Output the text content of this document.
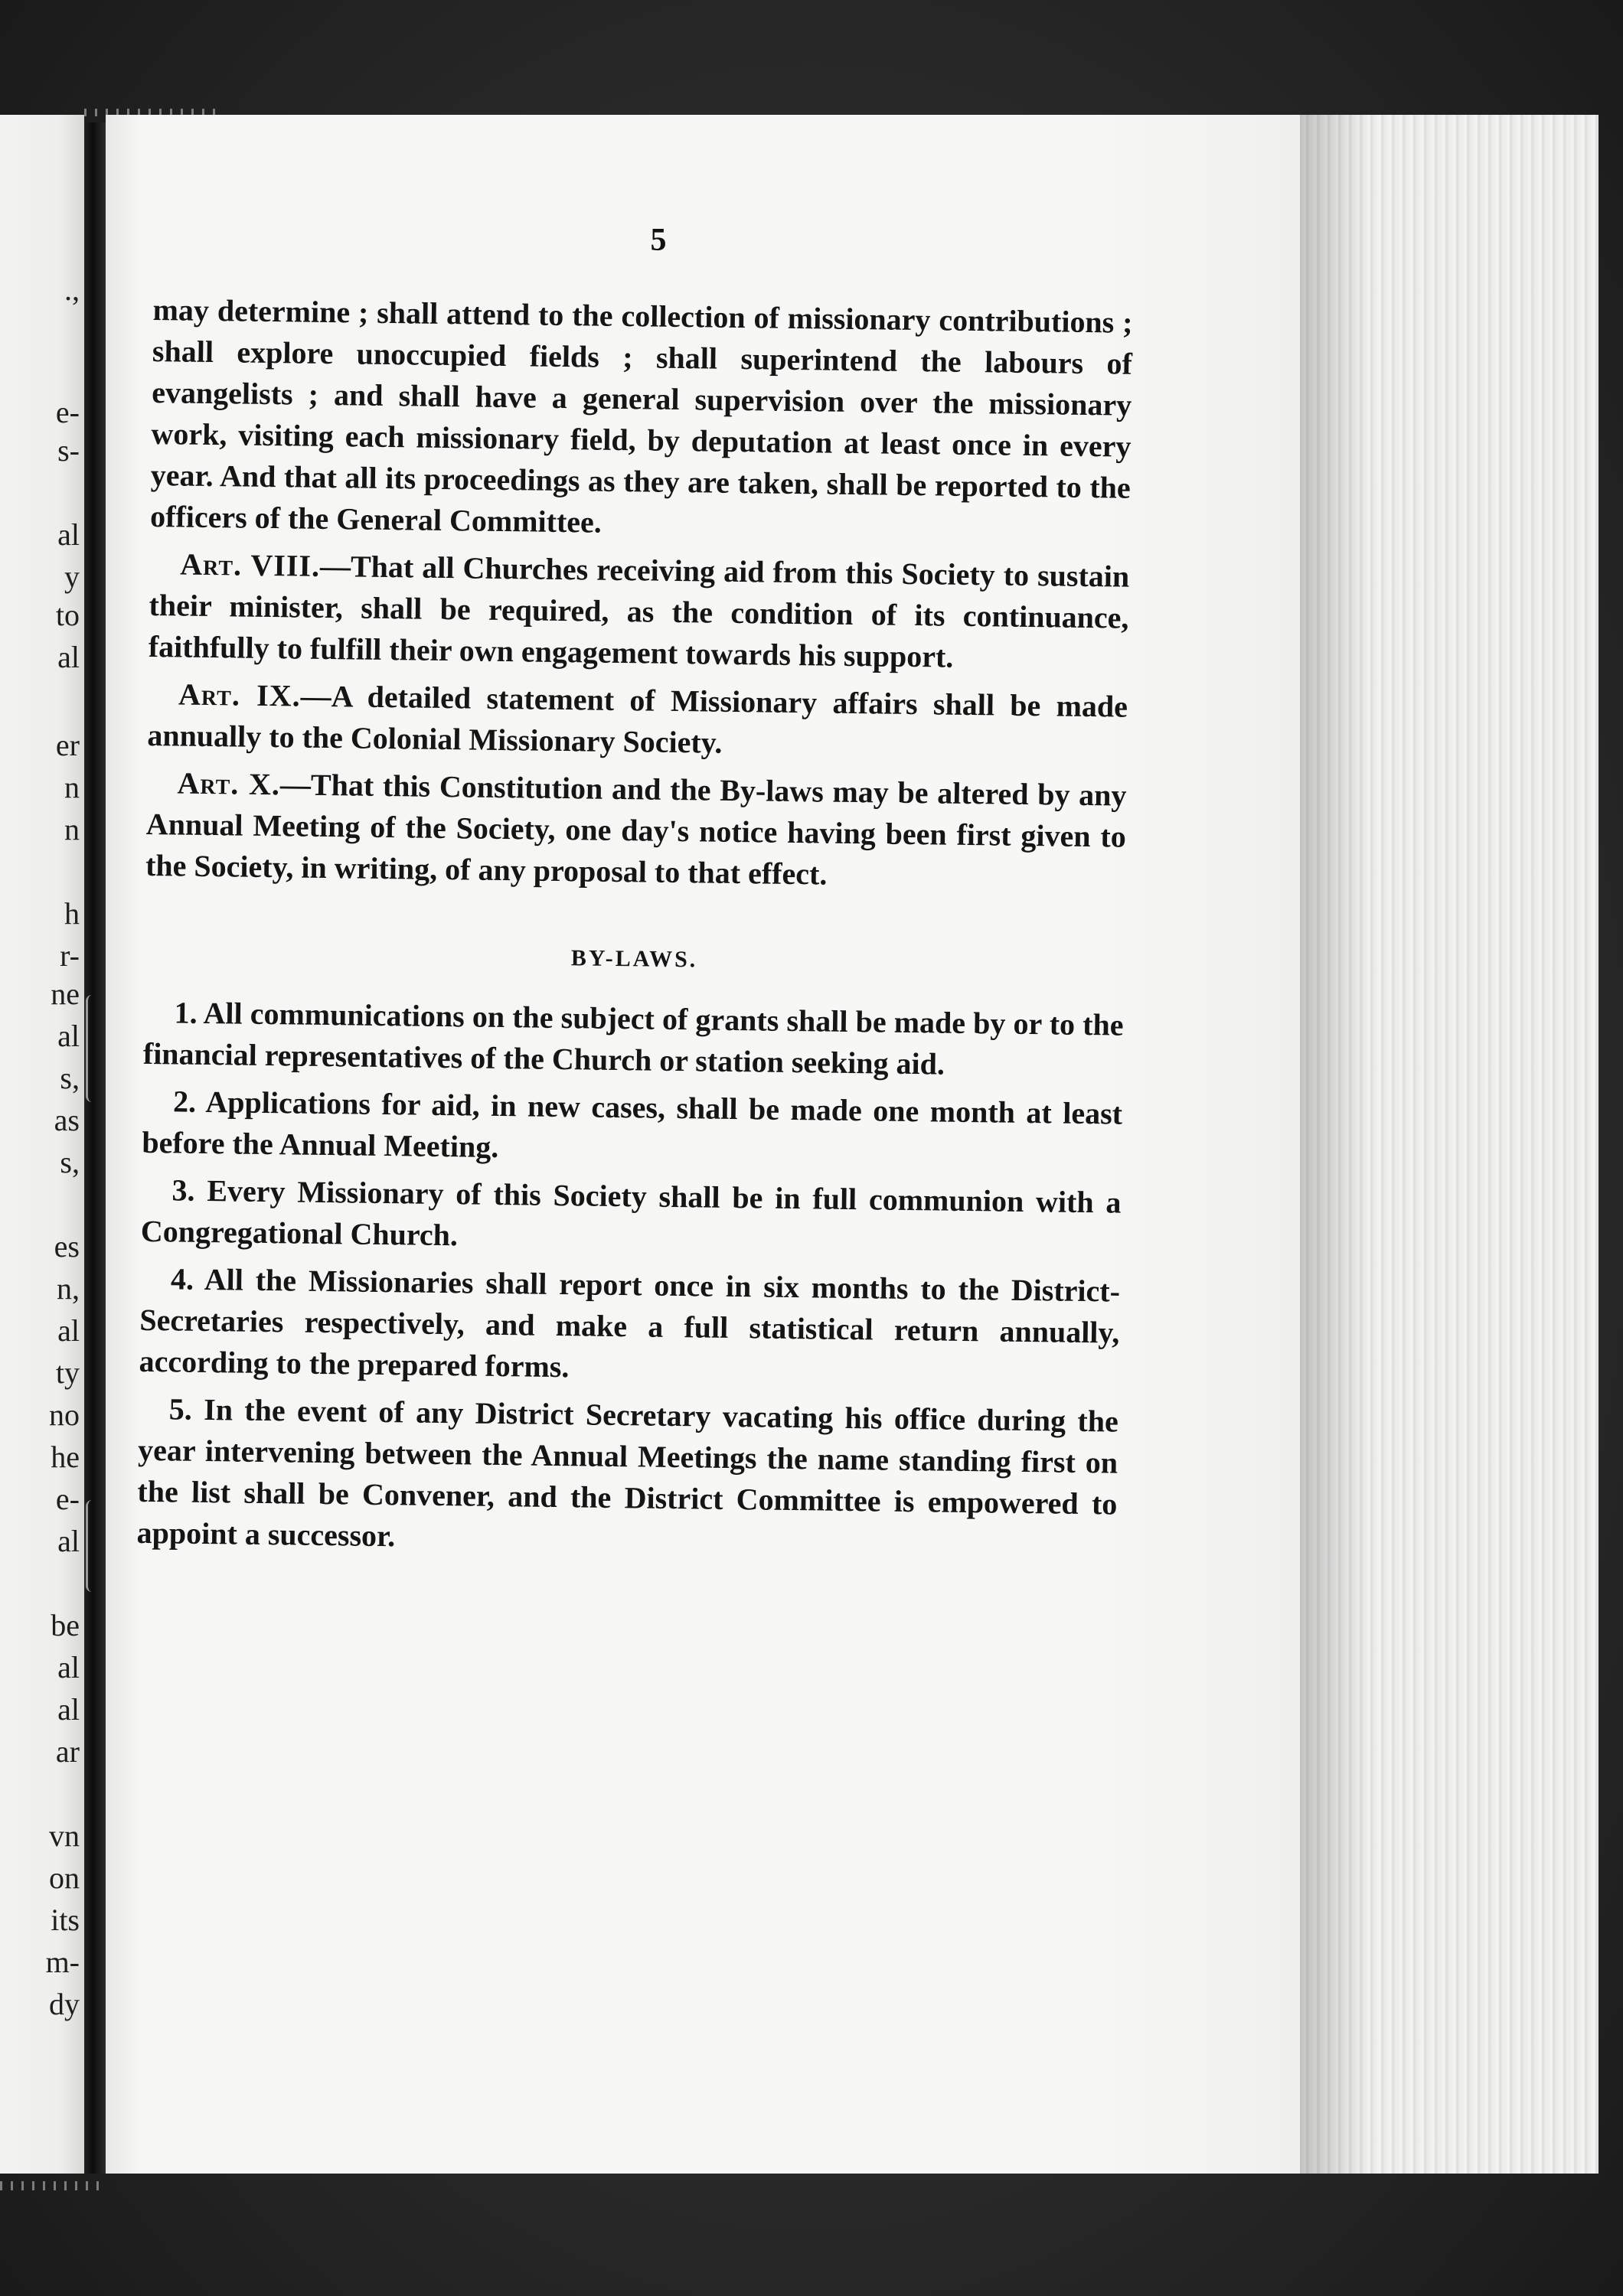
.,
e-
s-
al
y
to
al
er
n
n
h
r-
ne
al
s,
as
s,
es
n,
al
ty
no
he
e-
al
be
al
al
ar
vn
on
its
m-
dy
5

may determine ; shall attend to the collection of missionary contributions ; shall explore unoccupied fields ; shall superintend the labours of evangelists ; and shall have a general supervision over the missionary work, visiting each missionary field, by deputation at least once in every year. And that all its proceedings as they are taken, shall be reported to the officers of the General Committee.

Art. VIII.—That all Churches receiving aid from this Society to sustain their minister, shall be required, as the condition of its continuance, faithfully to fulfill their own engagement towards his support.

Art. IX.—A detailed statement of Missionary affairs shall be made annually to the Colonial Missionary Society.

Art. X.—That this Constitution and the By-laws may be altered by any Annual Meeting of the Society, one day's notice having been first given to the Society, in writing, of any proposal to that effect.

BY-LAWS.

1. All communications on the subject of grants shall be made by or to the financial representatives of the Church or station seeking aid.

2. Applications for aid, in new cases, shall be made one month at least before the Annual Meeting.

3. Every Missionary of this Society shall be in full communion with a Congregational Church.

4. All the Missionaries shall report once in six months to the District-Secretaries respectively, and make a full statistical return annually, according to the prepared forms.

5. In the event of any District Secretary vacating his office during the year intervening between the Annual Meetings the name standing first on the list shall be Convener, and the District Committee is empowered to appoint a successor.
